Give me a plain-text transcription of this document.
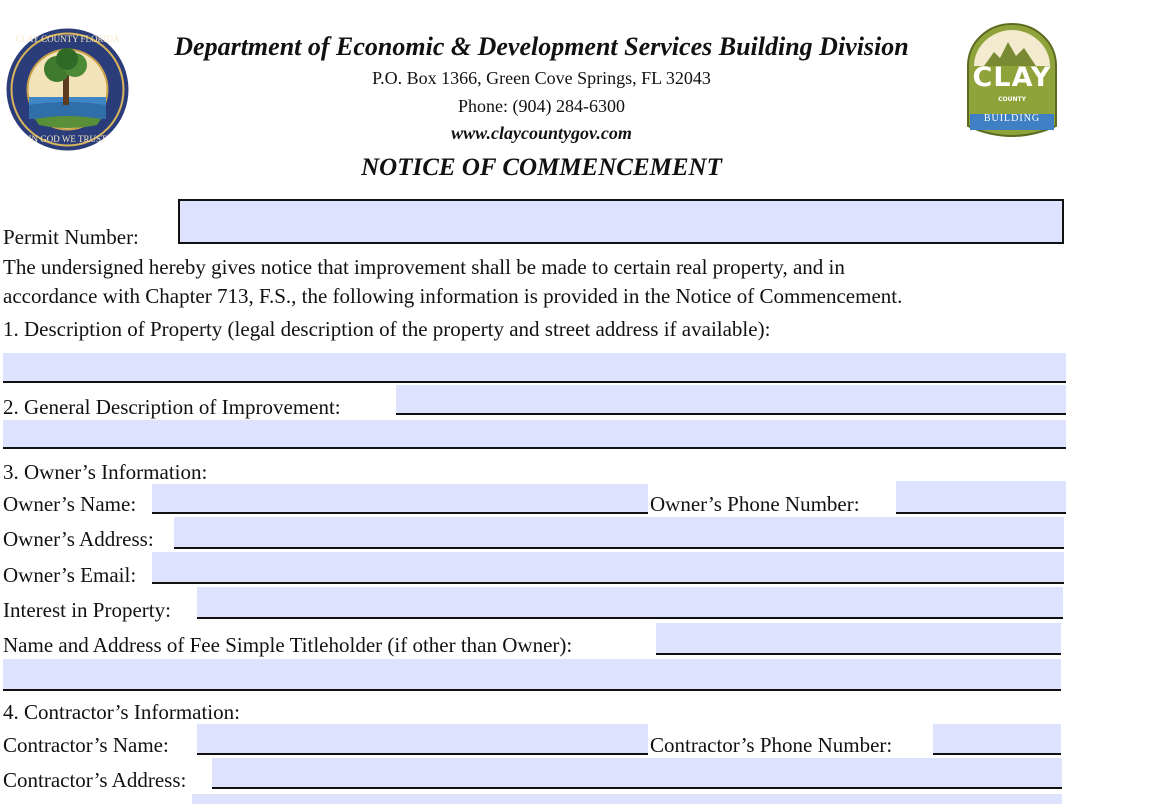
CLAY COUNTY FLORIDA
IN GOD WE TRUST
Department of Economic & Development Services Building Division
P.O. Box 1366, Green Cove Springs, FL 32043
Phone: (904) 284-6300
www.claycountygov.com
NOTICE OF COMMENCEMENT
CLAY
COUNTY
BUILDING
Permit Number:
The undersigned hereby gives notice that improvement shall be made to certain real property, and in
accordance with Chapter 713, F.S., the following information is provided in the Notice of Commencement.
1. Description of Property (legal description of the property and street address if available):
2. General Description of Improvement:
3. Owner’s Information:
Owner’s Name:	Owner’s Phone Number:
Owner’s Address:
Owner’s Email:
Interest in Property:
Name and Address of Fee Simple Titleholder (if other than Owner):
4. Contractor’s Information:
Contractor’s Name:	Contractor’s Phone Number:
Contractor’s Address:
